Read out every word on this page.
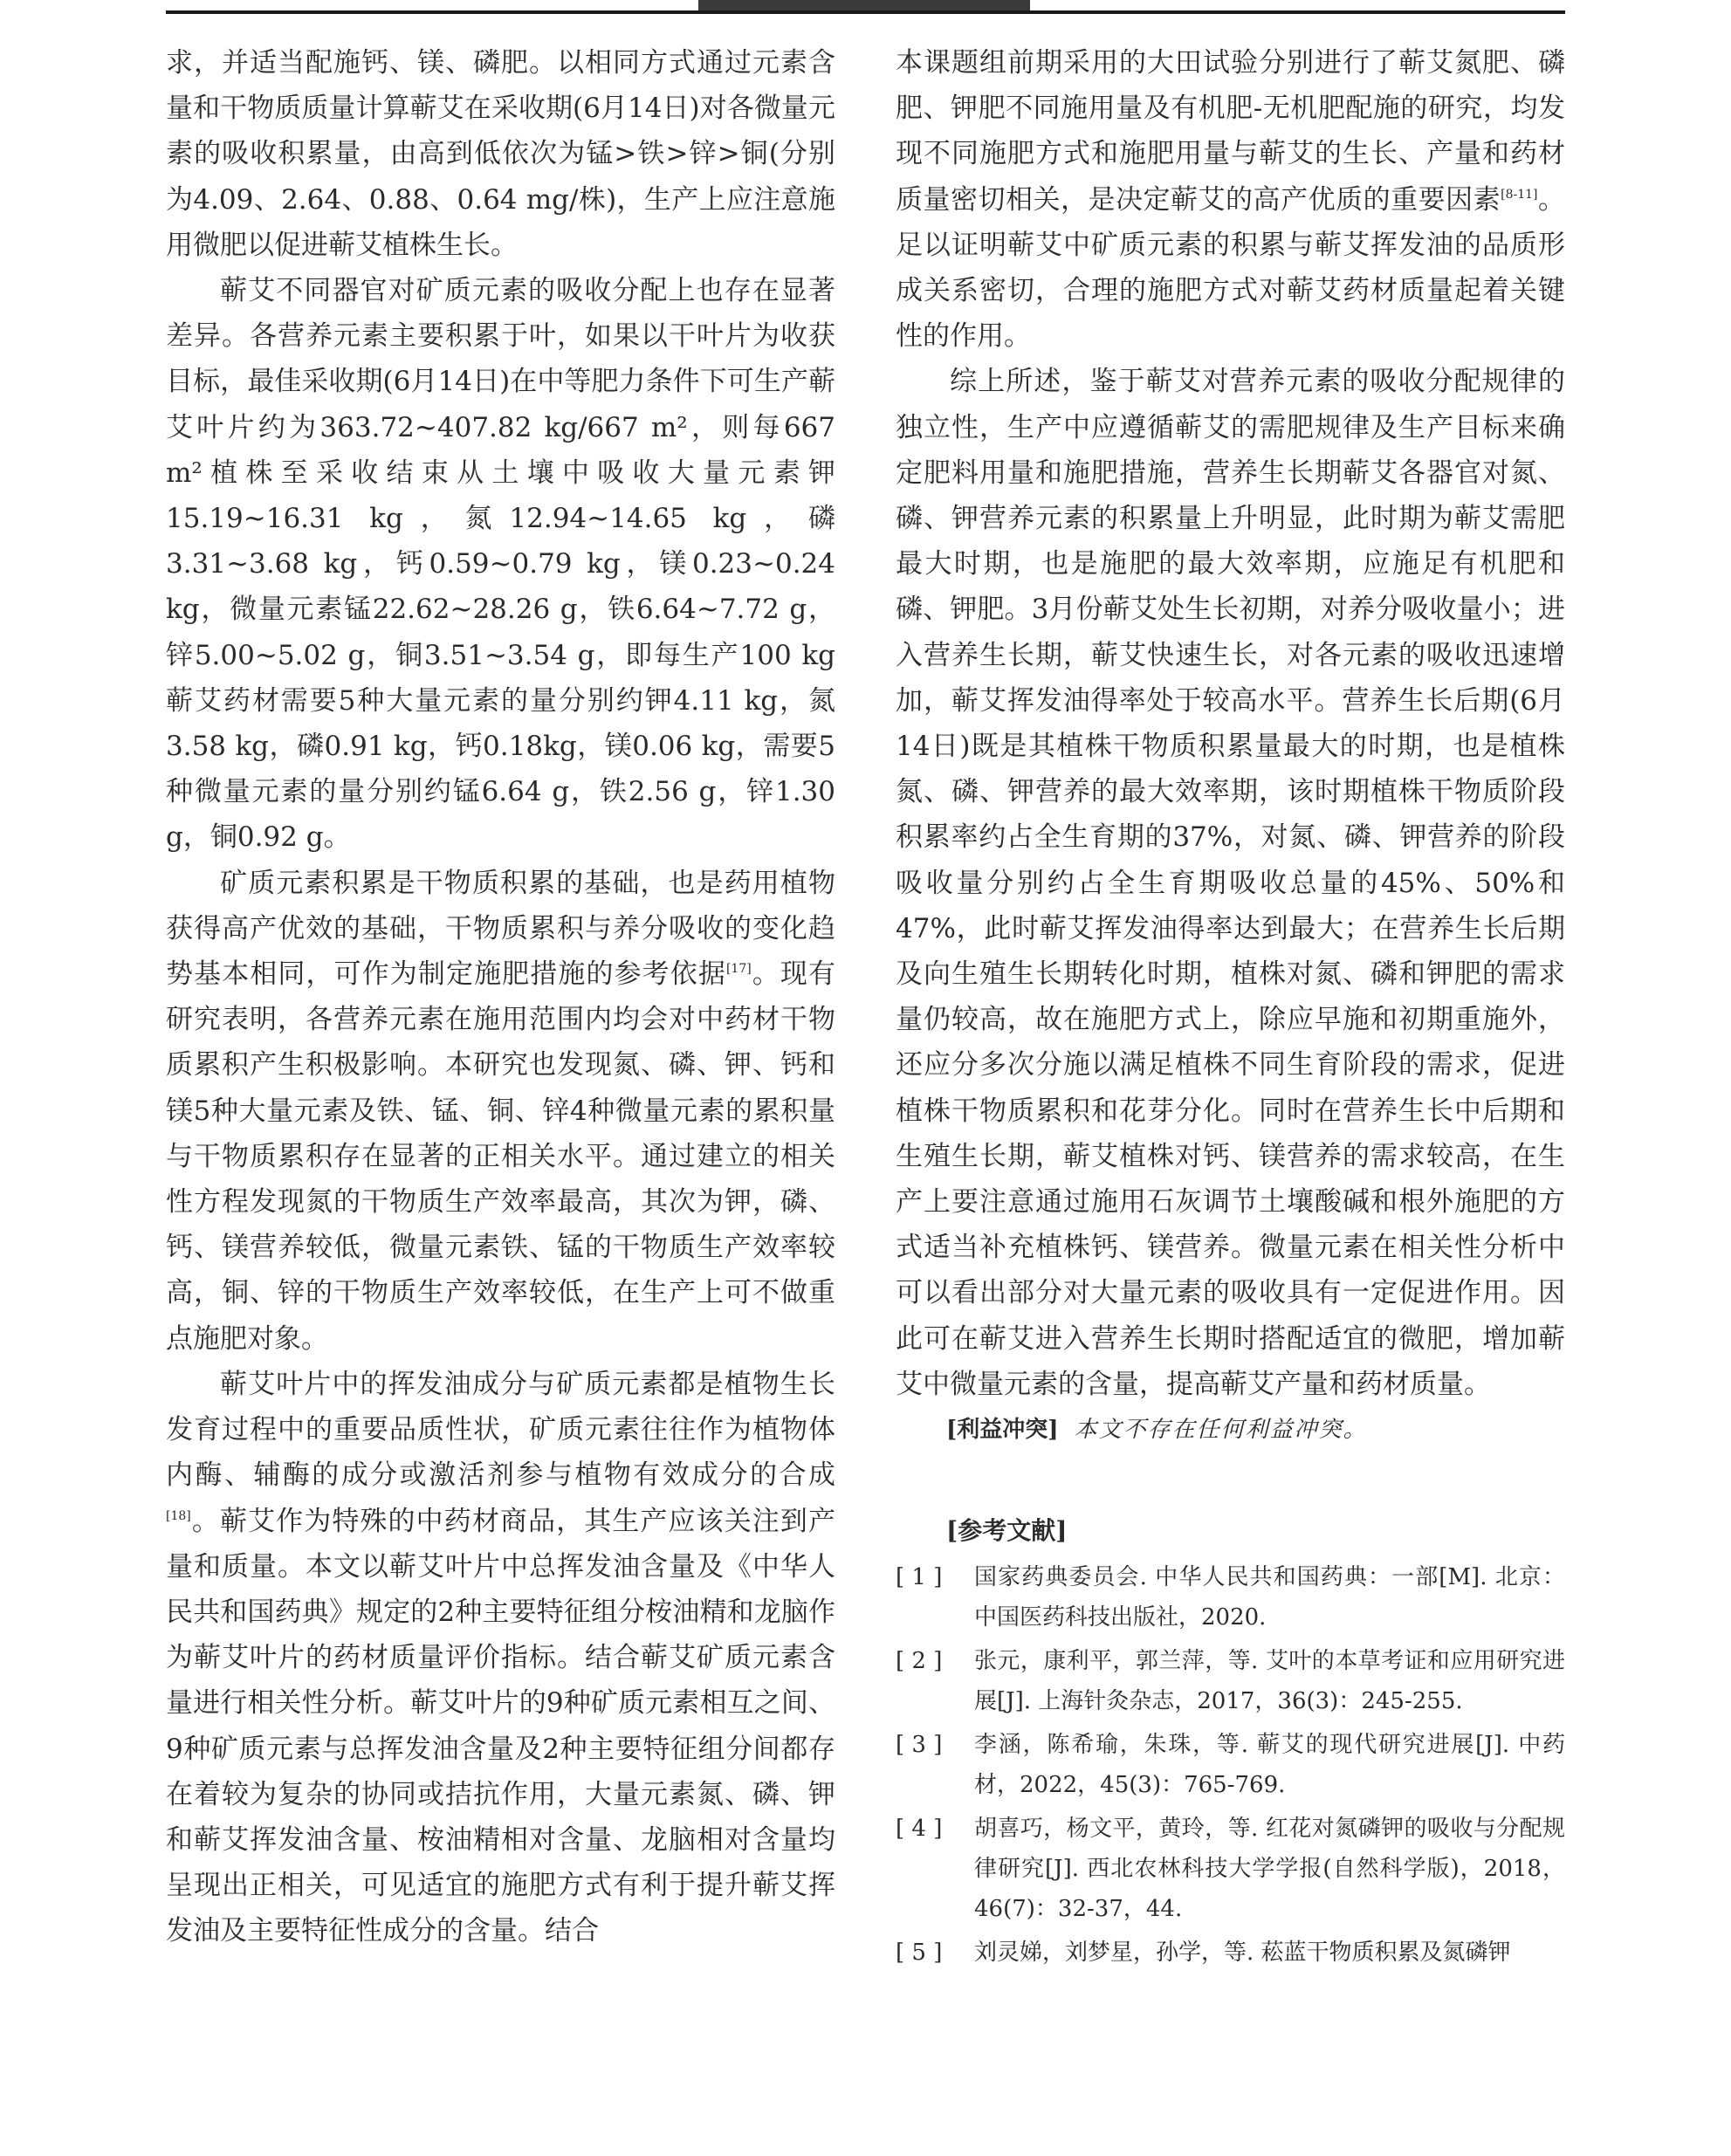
求，并适当配施钙、镁、磷肥。以相同方式通过元素含量和干物质质量计算蕲艾在采收期(6月14日)对各微量元素的吸收积累量，由高到低依次为锰>铁>锌>铜(分别为4.09、2.64、0.88、0.64 mg/株)，生产上应注意施用微肥以促进蕲艾植株生长。

蕲艾不同器官对矿质元素的吸收分配上也存在显著差异。各营养元素主要积累于叶，如果以干叶片为收获目标，最佳采收期(6月14日)在中等肥力条件下可生产蕲艾叶片约为363.72~407.82 kg/667 m²，则每667 m²植株至采收结束从土壤中吸收大量元素钾15.19~16.31 kg，氮12.94~14.65 kg，磷3.31~3.68 kg，钙0.59~0.79 kg，镁0.23~0.24 kg，微量元素锰22.62~28.26 g，铁6.64~7.72 g，锌5.00~5.02 g，铜3.51~3.54 g，即每生产100 kg蕲艾药材需要5种大量元素的量分别约钾4.11 kg，氮3.58 kg，磷0.91 kg，钙0.18kg，镁0.06 kg，需要5种微量元素的量分别约锰6.64 g，铁2.56 g，锌1.30 g，铜0.92 g。

矿质元素积累是干物质积累的基础，也是药用植物获得高产优效的基础，干物质累积与养分吸收的变化趋势基本相同，可作为制定施肥措施的参考依据[17]。现有研究表明，各营养元素在施用范围内均会对中药材干物质累积产生积极影响。本研究也发现氮、磷、钾、钙和镁5种大量元素及铁、锰、铜、锌4种微量元素的累积量与干物质累积存在显著的正相关水平。通过建立的相关性方程发现氮的干物质生产效率最高，其次为钾，磷、钙、镁营养较低，微量元素铁、锰的干物质生产效率较高，铜、锌的干物质生产效率较低，在生产上可不做重点施肥对象。

蕲艾叶片中的挥发油成分与矿质元素都是植物生长发育过程中的重要品质性状，矿质元素往往作为植物体内酶、辅酶的成分或激活剂参与植物有效成分的合成[18]。蕲艾作为特殊的中药材商品，其生产应该关注到产量和质量。本文以蕲艾叶片中总挥发油含量及《中华人民共和国药典》规定的2种主要特征组分桉油精和龙脑作为蕲艾叶片的药材质量评价指标。结合蕲艾矿质元素含量进行相关性分析。蕲艾叶片的9种矿质元素相互之间、9种矿质元素与总挥发油含量及2种主要特征组分间都存在着较为复杂的协同或拮抗作用，大量元素氮、磷、钾和蕲艾挥发油含量、桉油精相对含量、龙脑相对含量均呈现出正相关，可见适宜的施肥方式有利于提升蕲艾挥发油及主要特征性成分的含量。结合

本课题组前期采用的大田试验分别进行了蕲艾氮肥、磷肥、钾肥不同施用量及有机肥-无机肥配施的研究，均发现不同施肥方式和施肥用量与蕲艾的生长、产量和药材质量密切相关，是决定蕲艾的高产优质的重要因素[8-11]。足以证明蕲艾中矿质元素的积累与蕲艾挥发油的品质形成关系密切，合理的施肥方式对蕲艾药材质量起着关键性的作用。

综上所述，鉴于蕲艾对营养元素的吸收分配规律的独立性，生产中应遵循蕲艾的需肥规律及生产目标来确定肥料用量和施肥措施，营养生长期蕲艾各器官对氮、磷、钾营养元素的积累量上升明显，此时期为蕲艾需肥最大时期，也是施肥的最大效率期，应施足有机肥和磷、钾肥。3月份蕲艾处生长初期，对养分吸收量小；进入营养生长期，蕲艾快速生长，对各元素的吸收迅速增加，蕲艾挥发油得率处于较高水平。营养生长后期(6月14日)既是其植株干物质积累量最大的时期，也是植株氮、磷、钾营养的最大效率期，该时期植株干物质阶段积累率约占全生育期的37%，对氮、磷、钾营养的阶段吸收量分别约占全生育期吸收总量的45%、50%和47%，此时蕲艾挥发油得率达到最大；在营养生长后期及向生殖生长期转化时期，植株对氮、磷和钾肥的需求量仍较高，故在施肥方式上，除应早施和初期重施外，还应分多次分施以满足植株不同生育阶段的需求，促进植株干物质累积和花芽分化。同时在营养生长中后期和生殖生长期，蕲艾植株对钙、镁营养的需求较高，在生产上要注意通过施用石灰调节土壤酸碱和根外施肥的方式适当补充植株钙、镁营养。微量元素在相关性分析中可以看出部分对大量元素的吸收具有一定促进作用。因此可在蕲艾进入营养生长期时搭配适宜的微肥，增加蕲艾中微量元素的含量，提高蕲艾产量和药材质量。

[利益冲突] 本文不存在任何利益冲突。

[参考文献]

[ 1 ]	国家药典委员会. 中华人民共和国药典：一部[M]. 北京：中国医药科技出版社，2020.
[ 2 ]	张元，康利平，郭兰萍，等. 艾叶的本草考证和应用研究进展[J]. 上海针灸杂志，2017，36(3)：245-255.
[ 3 ]	李涵，陈希瑜，朱珠，等. 蕲艾的现代研究进展[J]. 中药材，2022，45(3)：765-769.
[ 4 ]	胡喜巧，杨文平，黄玲，等. 红花对氮磷钾的吸收与分配规律研究[J]. 西北农林科技大学学报(自然科学版)，2018，46(7)：32-37，44.
[ 5 ]	刘灵娣，刘梦星，孙学，等. 菘蓝干物质积累及氮磷钾
